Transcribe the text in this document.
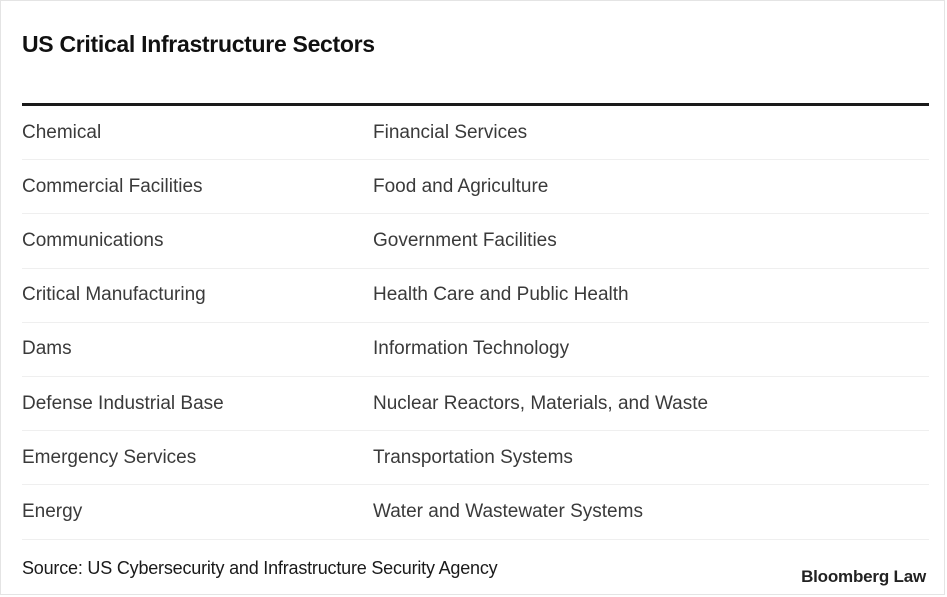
US Critical Infrastructure Sectors
Chemical	Financial Services
Commercial Facilities	Food and Agriculture
Communications	Government Facilities
Critical Manufacturing	Health Care and Public Health
Dams	Information Technology
Defense Industrial Base	Nuclear Reactors, Materials, and Waste
Emergency Services	Transportation Systems
Energy	Water and Wastewater Systems
Source: US Cybersecurity and Infrastructure Security Agency	Bloomberg Law
